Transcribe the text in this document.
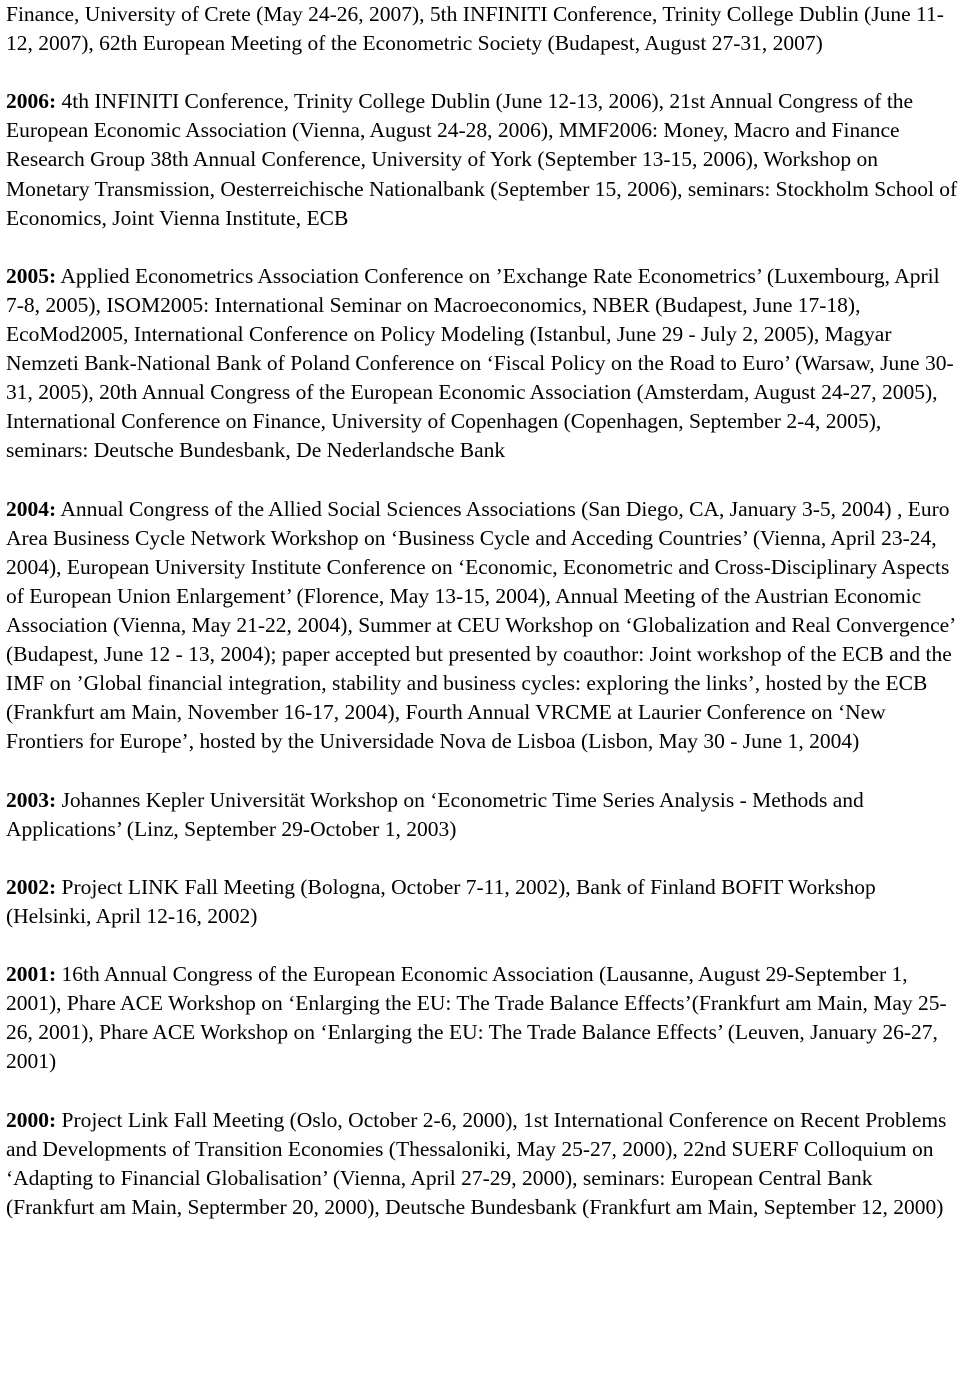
Finance, University of Crete (May 24-26, 2007), 5th INFINITI Conference, Trinity College Dublin (June 11-12, 2007), 62th European Meeting of the Econometric Society (Budapest, August 27-31, 2007)

2006: 4th INFINITI Conference, Trinity College Dublin (June 12-13, 2006), 21st Annual Congress of the European Economic Association (Vienna, August 24-28, 2006), MMF2006: Money, Macro and Finance Research Group 38th Annual Conference, University of York (September 13-15, 2006), Workshop on Monetary Transmission, Oesterreichische Nationalbank (September 15, 2006), seminars: Stockholm School of Economics, Joint Vienna Institute, ECB

2005: Applied Econometrics Association Conference on ’Exchange Rate Econometrics’ (Luxembourg, April 7-8, 2005), ISOM2005: International Seminar on Macroeconomics, NBER (Budapest, June 17-18), EcoMod2005, International Conference on Policy Modeling (Istanbul, June 29 - July 2, 2005), Magyar Nemzeti Bank-National Bank of Poland Conference on ‘Fiscal Policy on the Road to Euro’ (Warsaw, June 30-31, 2005), 20th Annual Congress of the European Economic Association (Amsterdam, August 24-27, 2005), International Conference on Finance, University of Copenhagen (Copenhagen, September 2-4, 2005), seminars: Deutsche Bundesbank, De Nederlandsche Bank

2004: Annual Congress of the Allied Social Sciences Associations (San Diego, CA, January 3-5, 2004) , Euro Area Business Cycle Network Workshop on ‘Business Cycle and Acceding Countries’ (Vienna, April 23-24, 2004), European University Institute Conference on ‘Economic, Econometric and Cross-Disciplinary Aspects of European Union Enlargement’ (Florence, May 13-15, 2004), Annual Meeting of the Austrian Economic Association (Vienna, May 21-22, 2004), Summer at CEU Workshop on ‘Globalization and Real Convergence’ (Budapest, June 12 - 13, 2004); paper accepted but presented by coauthor: Joint workshop of the ECB and the IMF on ’Global financial integration, stability and business cycles: exploring the links’, hosted by the ECB (Frankfurt am Main, November 16-17, 2004), Fourth Annual VRCME at Laurier Conference on ‘New Frontiers for Europe’, hosted by the Universidade Nova de Lisboa (Lisbon, May 30 - June 1, 2004)

2003: Johannes Kepler Universität Workshop on ‘Econometric Time Series Analysis - Methods and Applications’ (Linz, September 29-October 1, 2003)

2002: Project LINK Fall Meeting (Bologna, October 7-11, 2002), Bank of Finland BOFIT Workshop (Helsinki, April 12-16, 2002)

2001: 16th Annual Congress of the European Economic Association (Lausanne, August 29-September 1, 2001), Phare ACE Workshop on ‘Enlarging the EU: The Trade Balance Effects’(Frankfurt am Main, May 25-26, 2001), Phare ACE Workshop on ‘Enlarging the EU: The Trade Balance Effects’ (Leuven, January 26-27, 2001)

2000: Project Link Fall Meeting (Oslo, October 2-6, 2000), 1st International Conference on Recent Problems and Developments of Transition Economies (Thessaloniki, May 25-27, 2000), 22nd SUERF Colloquium on ‘Adapting to Financial Globalisation’ (Vienna, April 27-29, 2000), seminars: European Central Bank (Frankfurt am Main, Septermber 20, 2000), Deutsche Bundesbank (Frankfurt am Main, September 12, 2000)
